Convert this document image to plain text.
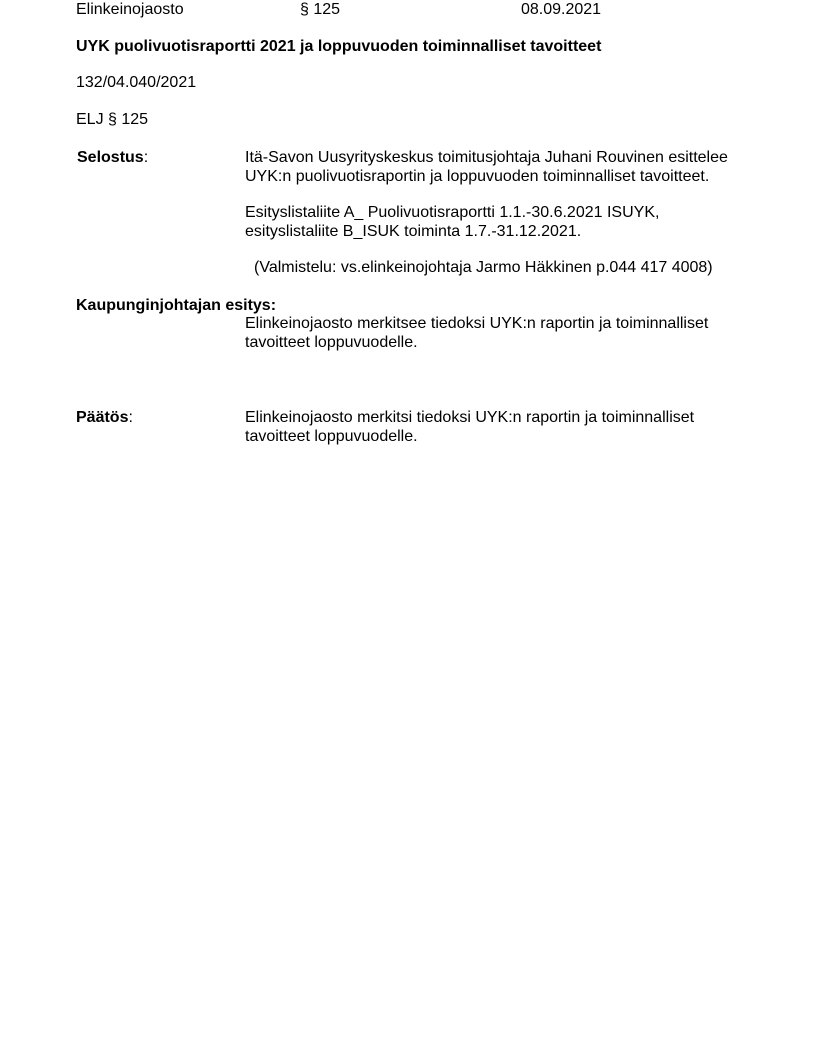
Elinkeinojaosto	§ 125	08.09.2021
UYK puolivuotisraportti 2021 ja loppuvuoden toiminnalliset tavoitteet
132/04.040/2021
ELJ § 125
Selostus:	Itä-Savon Uusyrityskeskus toimitusjohtaja Juhani Rouvinen esittelee
UYK:n puolivuotisraportin ja loppuvuoden toiminnalliset tavoitteet.
Esityslistaliite A_ Puolivuotisraportti 1.1.-30.6.2021 ISUYK,
esityslistaliite B_ISUK toiminta 1.7.-31.12.2021.
(Valmistelu: vs.elinkeinojohtaja Jarmo Häkkinen p.044 417 4008)
Kaupunginjohtajan esitys:
Elinkeinojaosto merkitsee tiedoksi UYK:n raportin ja toiminnalliset
tavoitteet loppuvuodelle.
Päätös:	Elinkeinojaosto merkitsi tiedoksi UYK:n raportin ja toiminnalliset
tavoitteet loppuvuodelle.
